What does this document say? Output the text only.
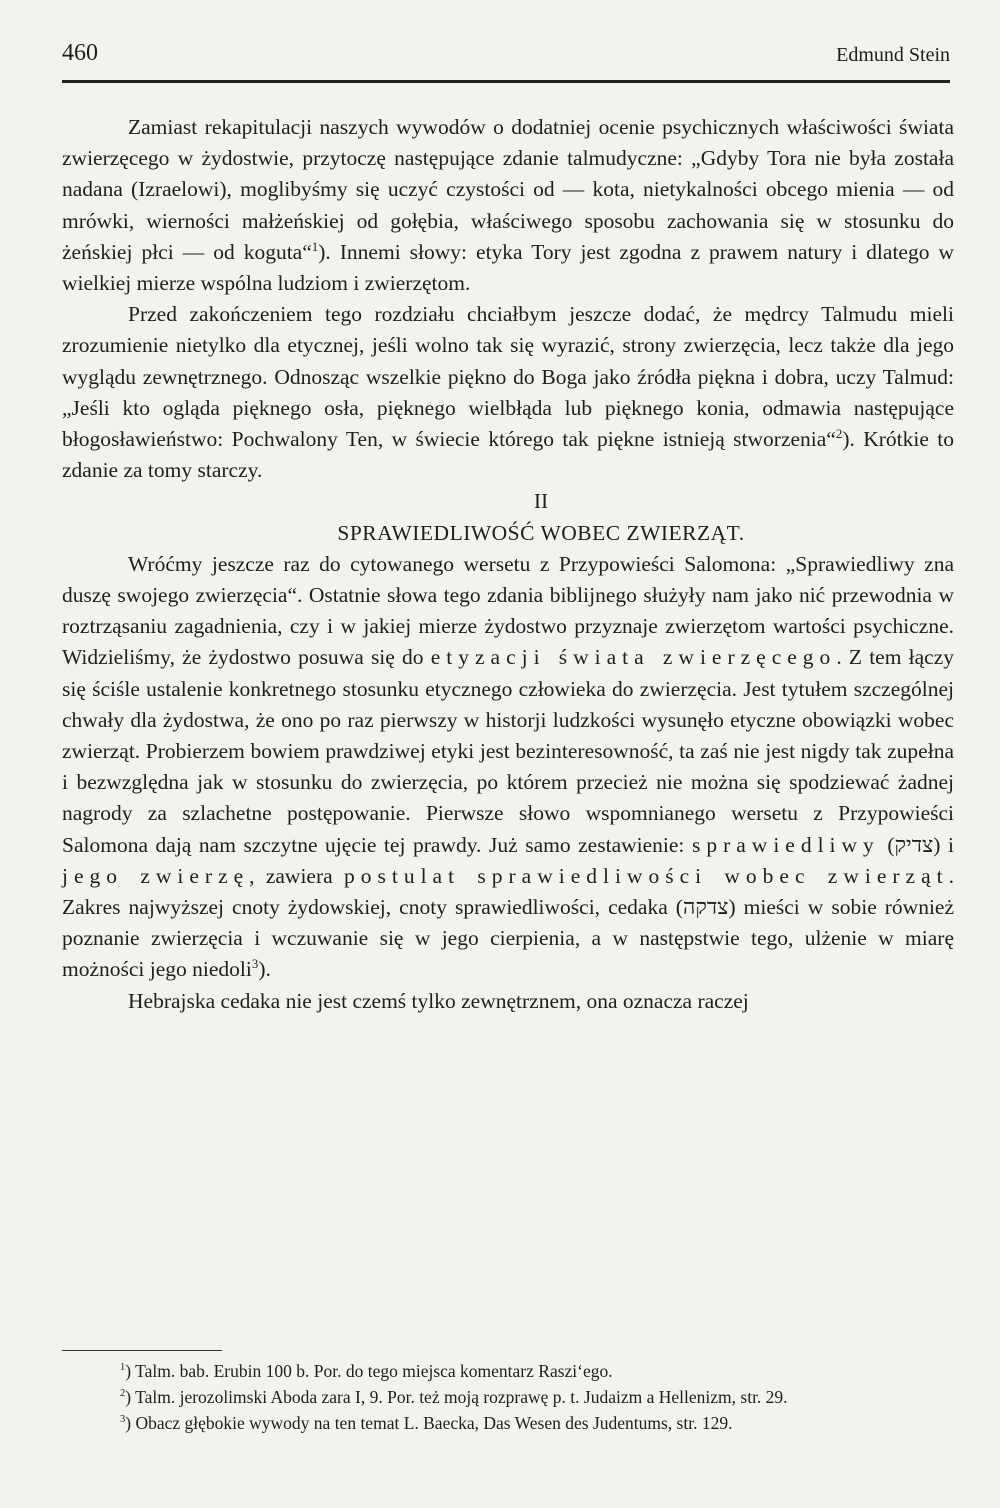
460	Edmund Stein

Zamiast rekapitulacji naszych wywodów o dodatniej ocenie psychicznych właściwości świata zwierzęcego w żydostwie, przytoczę następujące zdanie talmudyczne: „Gdyby Tora nie była została nadana (Izraelowi), moglibyśmy się uczyć czystości od — kota, nietykalności obcego mienia — od mrówki, wierności małżeńskiej od gołębia, właściwego sposobu zachowania się w stosunku do żeńskiej płci — od koguta“$^1$). Innemi słowy: etyka Tory jest zgodna z prawem natury i dlatego w wielkiej mierze wspólna ludziom i zwierzętom.

Przed zakończeniem tego rozdziału chciałbym jeszcze dodać, że mędrcy Talmudu mieli zrozumienie nietylko dla etycznej, jeśli wolno tak się wyrazić, strony zwierzęcia, lecz także dla jego wyglądu zewnętrznego. Odnosząc wszelkie piękno do Boga jako źródła piękna i dobra, uczy Talmud: „Jeśli kto ogląda pięknego osła, pięknego wielbłąda lub pięknego konia, odmawia następujące błogosławieństwo: Pochwalony Ten, w świecie którego tak piękne istnieją stworzenia“$^2$). Krótkie to zdanie za tomy starczy.

II

SPRAWIEDLIWOŚĆ WOBEC ZWIERZĄT.

Wróćmy jeszcze raz do cytowanego wersetu z Przypowieści Salomona: „Sprawiedliwy zna duszę swojego zwierzęcia“. Ostatnie słowa tego zdania biblijnego służyły nam jako nić przewodnia w roztrząsaniu zagadnienia, czy i w jakiej mierze żydostwo przyznaje zwierzętom wartości psychiczne. Widzieliśmy, że żydostwo posuwa się do etyzacji świata zwierzęcego. Z tem łączy się ściśle ustalenie konkretnego stosunku etycznego człowieka do zwierzęcia. Jest tytułem szczególnej chwały dla żydostwa, że ono po raz pierwszy w historji ludzkości wysunęło etyczne obowiązki wobec zwierząt. Probierzem bowiem prawdziwej etyki jest bezinteresowność, ta zaś nie jest nigdy tak zupełna i bezwzględna jak w stosunku do zwierzęcia, po którem przecież nie można się spodziewać żadnej nagrody za szlachetne postępowanie. Pierwsze słowo wspomnianego wersetu z Przypowieści Salomona dają nam szczytne ujęcie tej prawdy. Już samo zestawienie: sprawiedliwy (צדיק) i jego zwierzę, zawiera postulat sprawiedliwości wobec zwierząt. Zakres najwyższej cnoty żydowskiej, cnoty sprawiedliwości, cedaka (צדקה) mieści w sobie również poznanie zwierzęcia i wczuwanie się w jego cierpienia, a w następstwie tego, ulżenie w miarę możności jego niedoli$^3$).

Hebrajska cedaka nie jest czemś tylko zewnętrznem, ona oznacza raczej

$^1$) Talm. bab. Erubin 100 b. Por. do tego miejsca komentarz Raszi‘ego.

$^2$) Talm. jerozolimski Aboda zara I, 9. Por. też moją rozprawę p. t. Judaizm a Hellenizm, str. 29.

$^3$) Obacz głębokie wywody na ten temat L. Baecka, Das Wesen des Judentums, str. 129.
